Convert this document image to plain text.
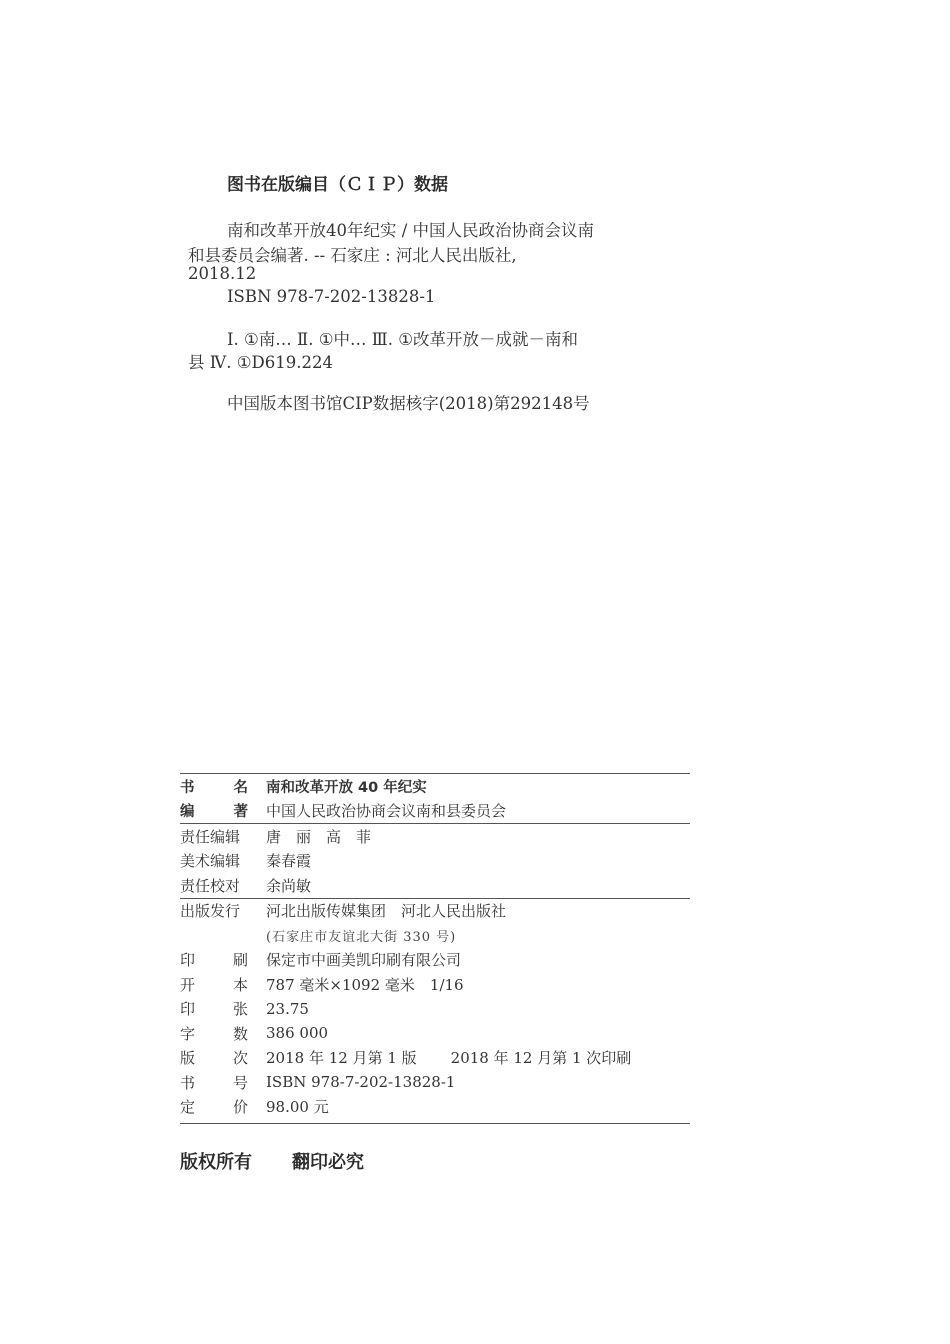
图书在版编目（ＣＩＰ）数据
南和改革开放40年纪实 / 中国人民政治协商会议南
和县委员会编著. -- 石家庄 : 河北人民出版社,
2018.12
ISBN 978-7-202-13828-1
Ⅰ. ①南… Ⅱ. ①中… Ⅲ. ①改革开放－成就－南和
县 Ⅳ. ①D619.224
中国版本图书馆CIP数据核字(2018)第292148号
书	名 南和改革开放 40 年纪实
编	著 中国人民政治协商会议南和县委员会
责任编辑	唐　丽　高　菲
美术编辑	秦春霞
责任校对	余尚敏
出版发行	河北出版传媒集团　河北人民出版社
(石家庄市友谊北大街 330 号)
印	刷 保定市中画美凯印刷有限公司
开	本 787 毫米×1092 毫米　1/16
印	张 23.75
字	数 386 000
版	次 2018 年 12 月第 1 版 2018 年 12 月第 1 次印刷
书	号 ISBN 978-7-202-13828-1
定	价 98.00 元
版权所有 翻印必究
